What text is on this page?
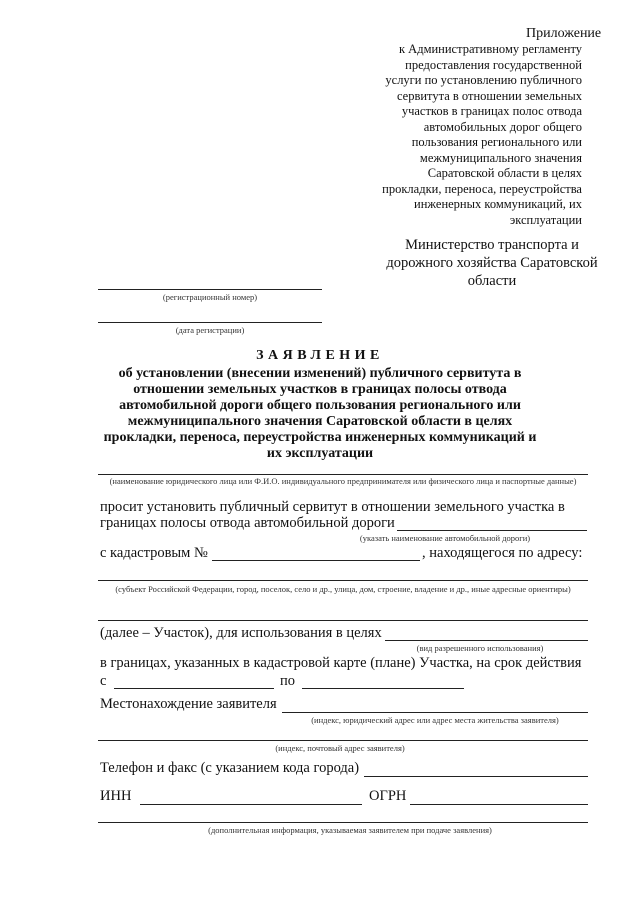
Приложение
к Административному регламенту предоставления государственной услуги по установлению публичного сервитута в отношении земельных участков в границах полос отвода автомобильных дорог общего пользования регионального или межмуниципального значения Саратовской области в целях прокладки, переноса, переустройства инженерных коммуникаций, их эксплуатации
Министерство транспорта и дорожного хозяйства Саратовской области
(регистрационный номер)
(дата регистрации)
ЗАЯВЛЕНИЕ
об установлении (внесении изменений) публичного сервитута в отношении земельных участков в границах полосы отвода автомобильной дороги общего пользования регионального или межмуниципального значения Саратовской области в целях прокладки, переноса, переустройства инженерных коммуникаций и их эксплуатации
(наименование юридического лица или Ф.И.О. индивидуального предпринимателя или физического лица и паспортные данные)
просит установить публичный сервитут в отношении земельного участка в
границах полосы отвода автомобильной дороги
(указать наименование автомобильной дороги)
с кадастровым №	, находящегося по адресу:
(субъект Российской Федерации, город, поселок, село и др., улица, дом, строение, владение и др., иные адресные ориентиры)
(далее – Участок), для использования в целях
(вид разрешенного использования)
в границах, указанных в кадастровой карте (плане) Участка, на срок действия
с	по
Местонахождение заявителя
(индекс, юридический адрес или адрес места жительства заявителя)
(индекс, почтовый адрес заявителя)
Телефон и факс (с указанием кода города)
ИНН	ОГРН
(дополнительная информация, указываемая заявителем при подаче заявления)
